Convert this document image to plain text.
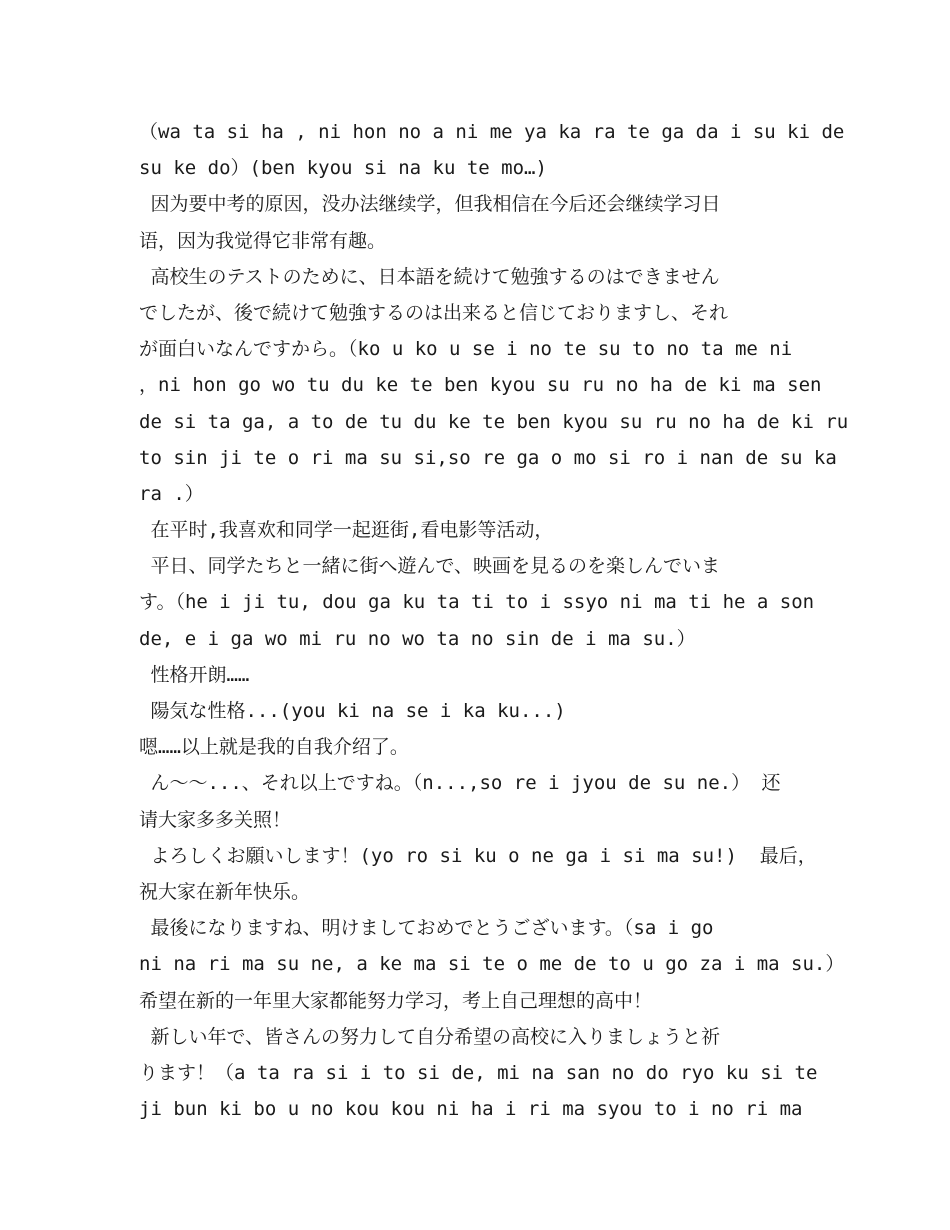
（wa ta si ha , ni hon no a ni me ya ka ra te ga da i su ki de
su ke do）(ben kyou si na ku te mo…)
因为要中考的原因，没办法继续学，但我相信在今后还会继续学习日
语，因为我觉得它非常有趣。
高校生のテストのために、日本語を続けて勉強するのはできません
でしたが、後で続けて勉強するのは出来ると信じておりますし、それ
が面白いなんですから。（ko u ko u se i no te su to no ta me ni
，ni hon go wo tu du ke te ben kyou su ru no ha de ki ma sen
de si ta ga, a to de tu du ke te ben kyou su ru no ha de ki ru
to sin ji te o ri ma su si,so re ga o mo si ro i nan de su ka
ra .）
在平时,我喜欢和同学一起逛街,看电影等活动，
平日、同学たちと一緒に街へ遊んで、映画を見るのを楽しんでいま
す。（he i ji tu, dou ga ku ta ti to i ssyo ni ma ti he a son
de, e i ga wo mi ru no wo ta no sin de i ma su.）
性格开朗……
陽気な性格...(you ki na se i ka ku...)
嗯……以上就是我的自我介绍了。
ん～～...、それ以上ですね。（n...,so re i jyou de su ne.） 还
请大家多多关照！
よろしくお願いします！(yo ro si ku o ne ga i si ma su!)  最后，
祝大家在新年快乐。
最後になりますね、明けましておめでとうございます。（sa i go
ni na ri ma su ne, a ke ma si te o me de to u go za i ma su.）
希望在新的一年里大家都能努力学习，考上自己理想的高中！
新しい年で、皆さんの努力して自分希望の高校に入りましょうと祈
ります！（a ta ra si i to si de, mi na san no do ryo ku si te
ji bun ki bo u no kou kou ni ha i ri ma syou to i no ri ma
